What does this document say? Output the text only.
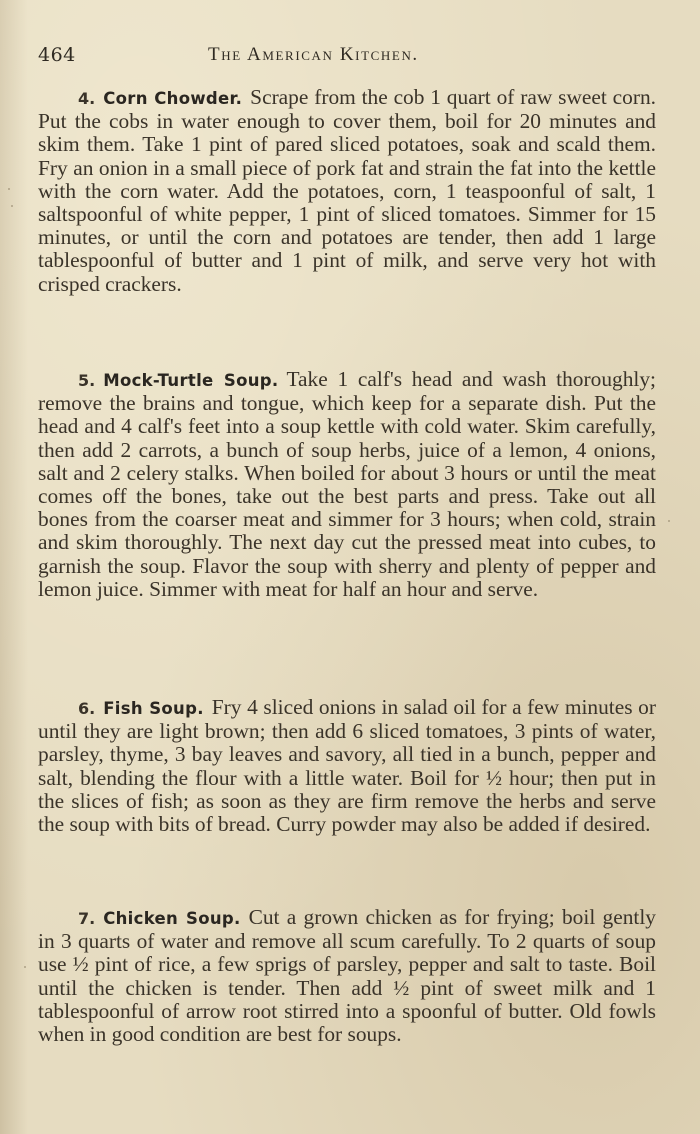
464	The American Kitchen.

4. Corn Chowder. Scrape from the cob 1 quart of raw sweet corn. Put the cobs in water enough to cover them, boil for 20 minutes and skim them. Take 1 pint of pared sliced potatoes, soak and scald them. Fry an onion in a small piece of pork fat and strain the fat into the kettle with the corn water. Add the potatoes, corn, 1 teaspoonful of salt, 1 saltspoonful of white pepper, 1 pint of sliced tomatoes. Simmer for 15 minutes, or until the corn and potatoes are tender, then add 1 large tablespoonful of butter and 1 pint of milk, and serve very hot with crisped crackers.

5. Mock-Turtle Soup. Take 1 calf's head and wash thoroughly; remove the brains and tongue, which keep for a separate dish. Put the head and 4 calf's feet into a soup kettle with cold water. Skim carefully, then add 2 carrots, a bunch of soup herbs, juice of a lemon, 4 onions, salt and 2 celery stalks. When boiled for about 3 hours or until the meat comes off the bones, take out the best parts and press. Take out all bones from the coarser meat and simmer for 3 hours; when cold, strain and skim thoroughly. The next day cut the pressed meat into cubes, to garnish the soup. Flavor the soup with sherry and plenty of pepper and lemon juice. Simmer with meat for half an hour and serve.

6. Fish Soup. Fry 4 sliced onions in salad oil for a few minutes or until they are light brown; then add 6 sliced tomatoes, 3 pints of water, parsley, thyme, 3 bay leaves and savory, all tied in a bunch, pepper and salt, blending the flour with a little water. Boil for ½ hour; then put in the slices of fish; as soon as they are firm remove the herbs and serve the soup with bits of bread. Curry powder may also be added if desired.

7. Chicken Soup. Cut a grown chicken as for frying; boil gently in 3 quarts of water and remove all scum carefully. To 2 quarts of soup use ½ pint of rice, a few sprigs of parsley, pepper and salt to taste. Boil until the chicken is tender. Then add ½ pint of sweet milk and 1 tablespoonful of arrow root stirred into a spoonful of butter. Old fowls when in good condition are best for soups.
